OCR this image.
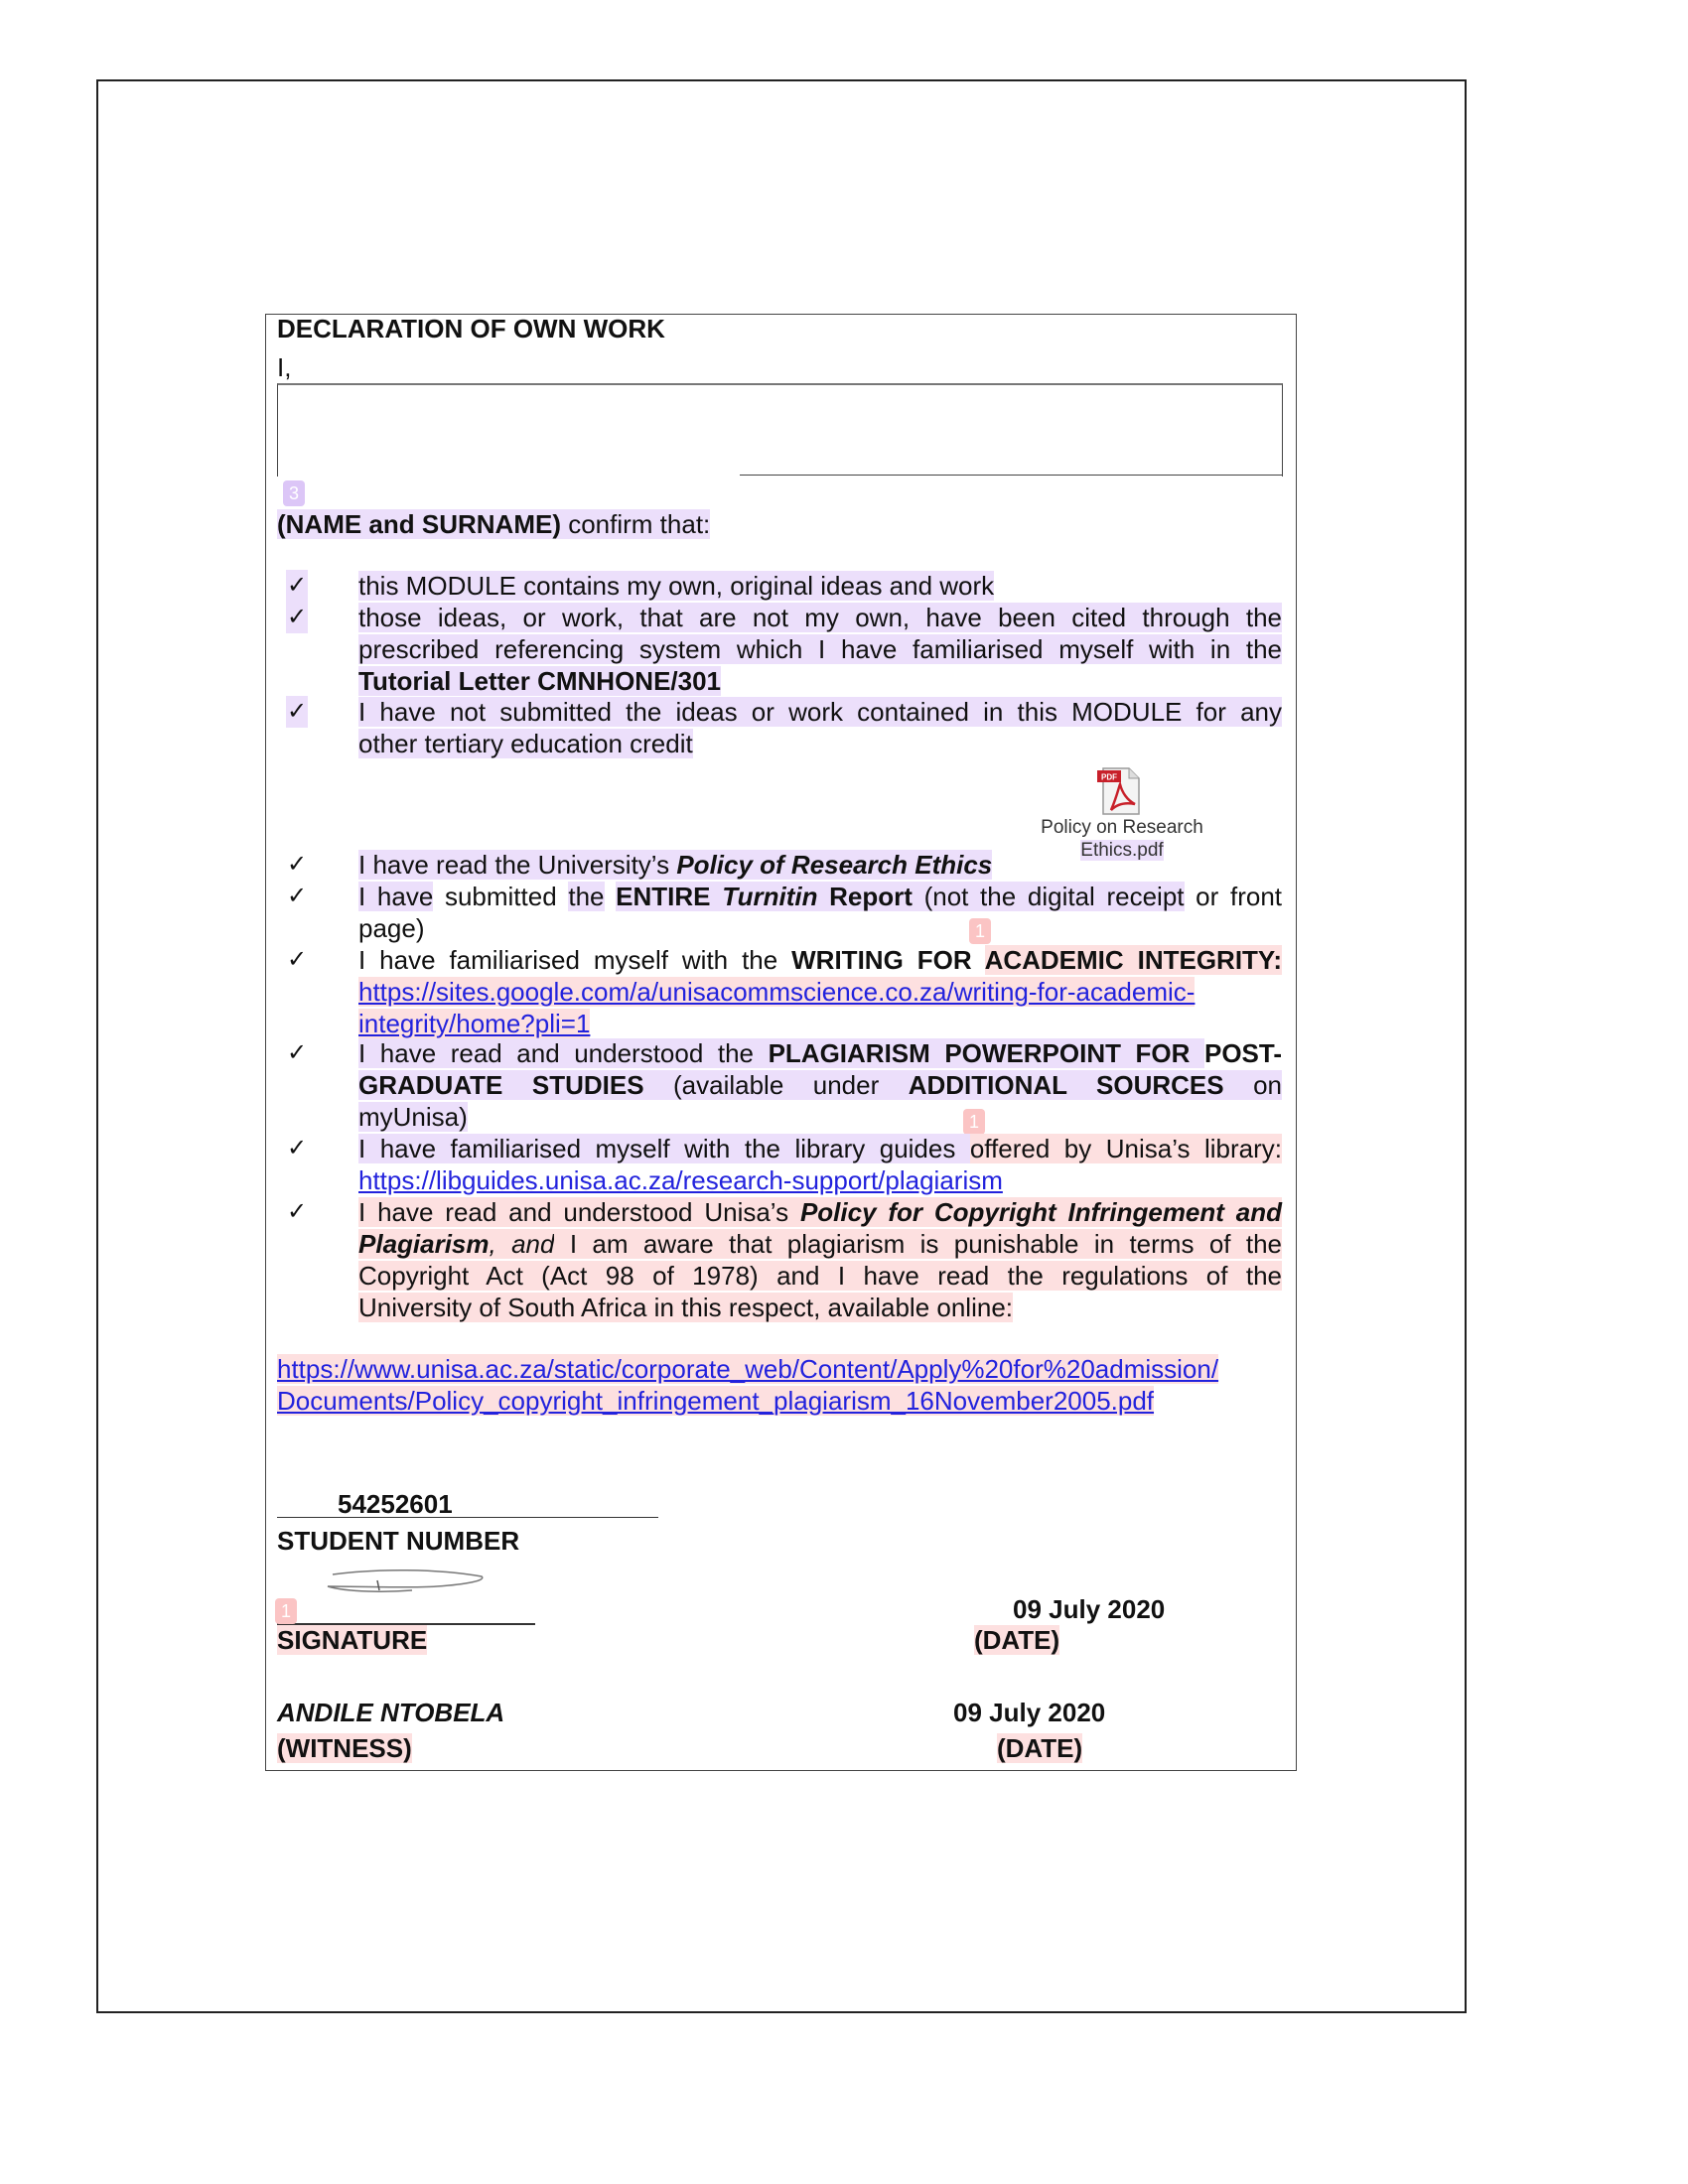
DECLARATION OF OWN WORK
I,
3
(NAME and SURNAME) confirm that:
✓ this MODULE contains my own, original ideas and work
✓ those ideas, or work, that are not my own, have been cited through the
prescribed referencing system which I have familiarised myself with in the
Tutorial Letter CMNHONE/301
✓ I have not submitted the ideas or work contained in this MODULE for any
other tertiary education credit
✓ I have read the University’s Policy of Research Ethics
✓ I have submitted the ENTIRE Turnitin Report (not the digital receipt or front
page)	1
✓ I have familiarised myself with the WRITING FOR ACADEMIC INTEGRITY:
https://sites.google.com/a/unisacommscience.co.za/writing-for-academic-
integrity/home?pli=1
✓ I have read and understood the PLAGIARISM POWERPOINT FOR POST-
GRADUATE STUDIES (available under ADDITIONAL SOURCES on
myUnisa)	1
✓ I have familiarised myself with the library guides offered by Unisa’s library:
https://libguides.unisa.ac.za/research-support/plagiarism
✓ I have read and understood Unisa’s Policy for Copyright Infringement and
Plagiarism, and I am aware that plagiarism is punishable in terms of the
Copyright Act (Act 98 of 1978) and I have read the regulations of the
University of South Africa in this respect, available online:
PDF
Policy on Research
Ethics.pdf
https://www.unisa.ac.za/static/corporate_web/Content/Apply%20for%20admission/
Documents/Policy_copyright_infringement_plagiarism_16November2005.pdf
54252601
STUDENT NUMBER
1	09 July 2020
SIGNATURE	(DATE)
ANDILE NTOBELA	09 July 2020
(WITNESS)	(DATE)
